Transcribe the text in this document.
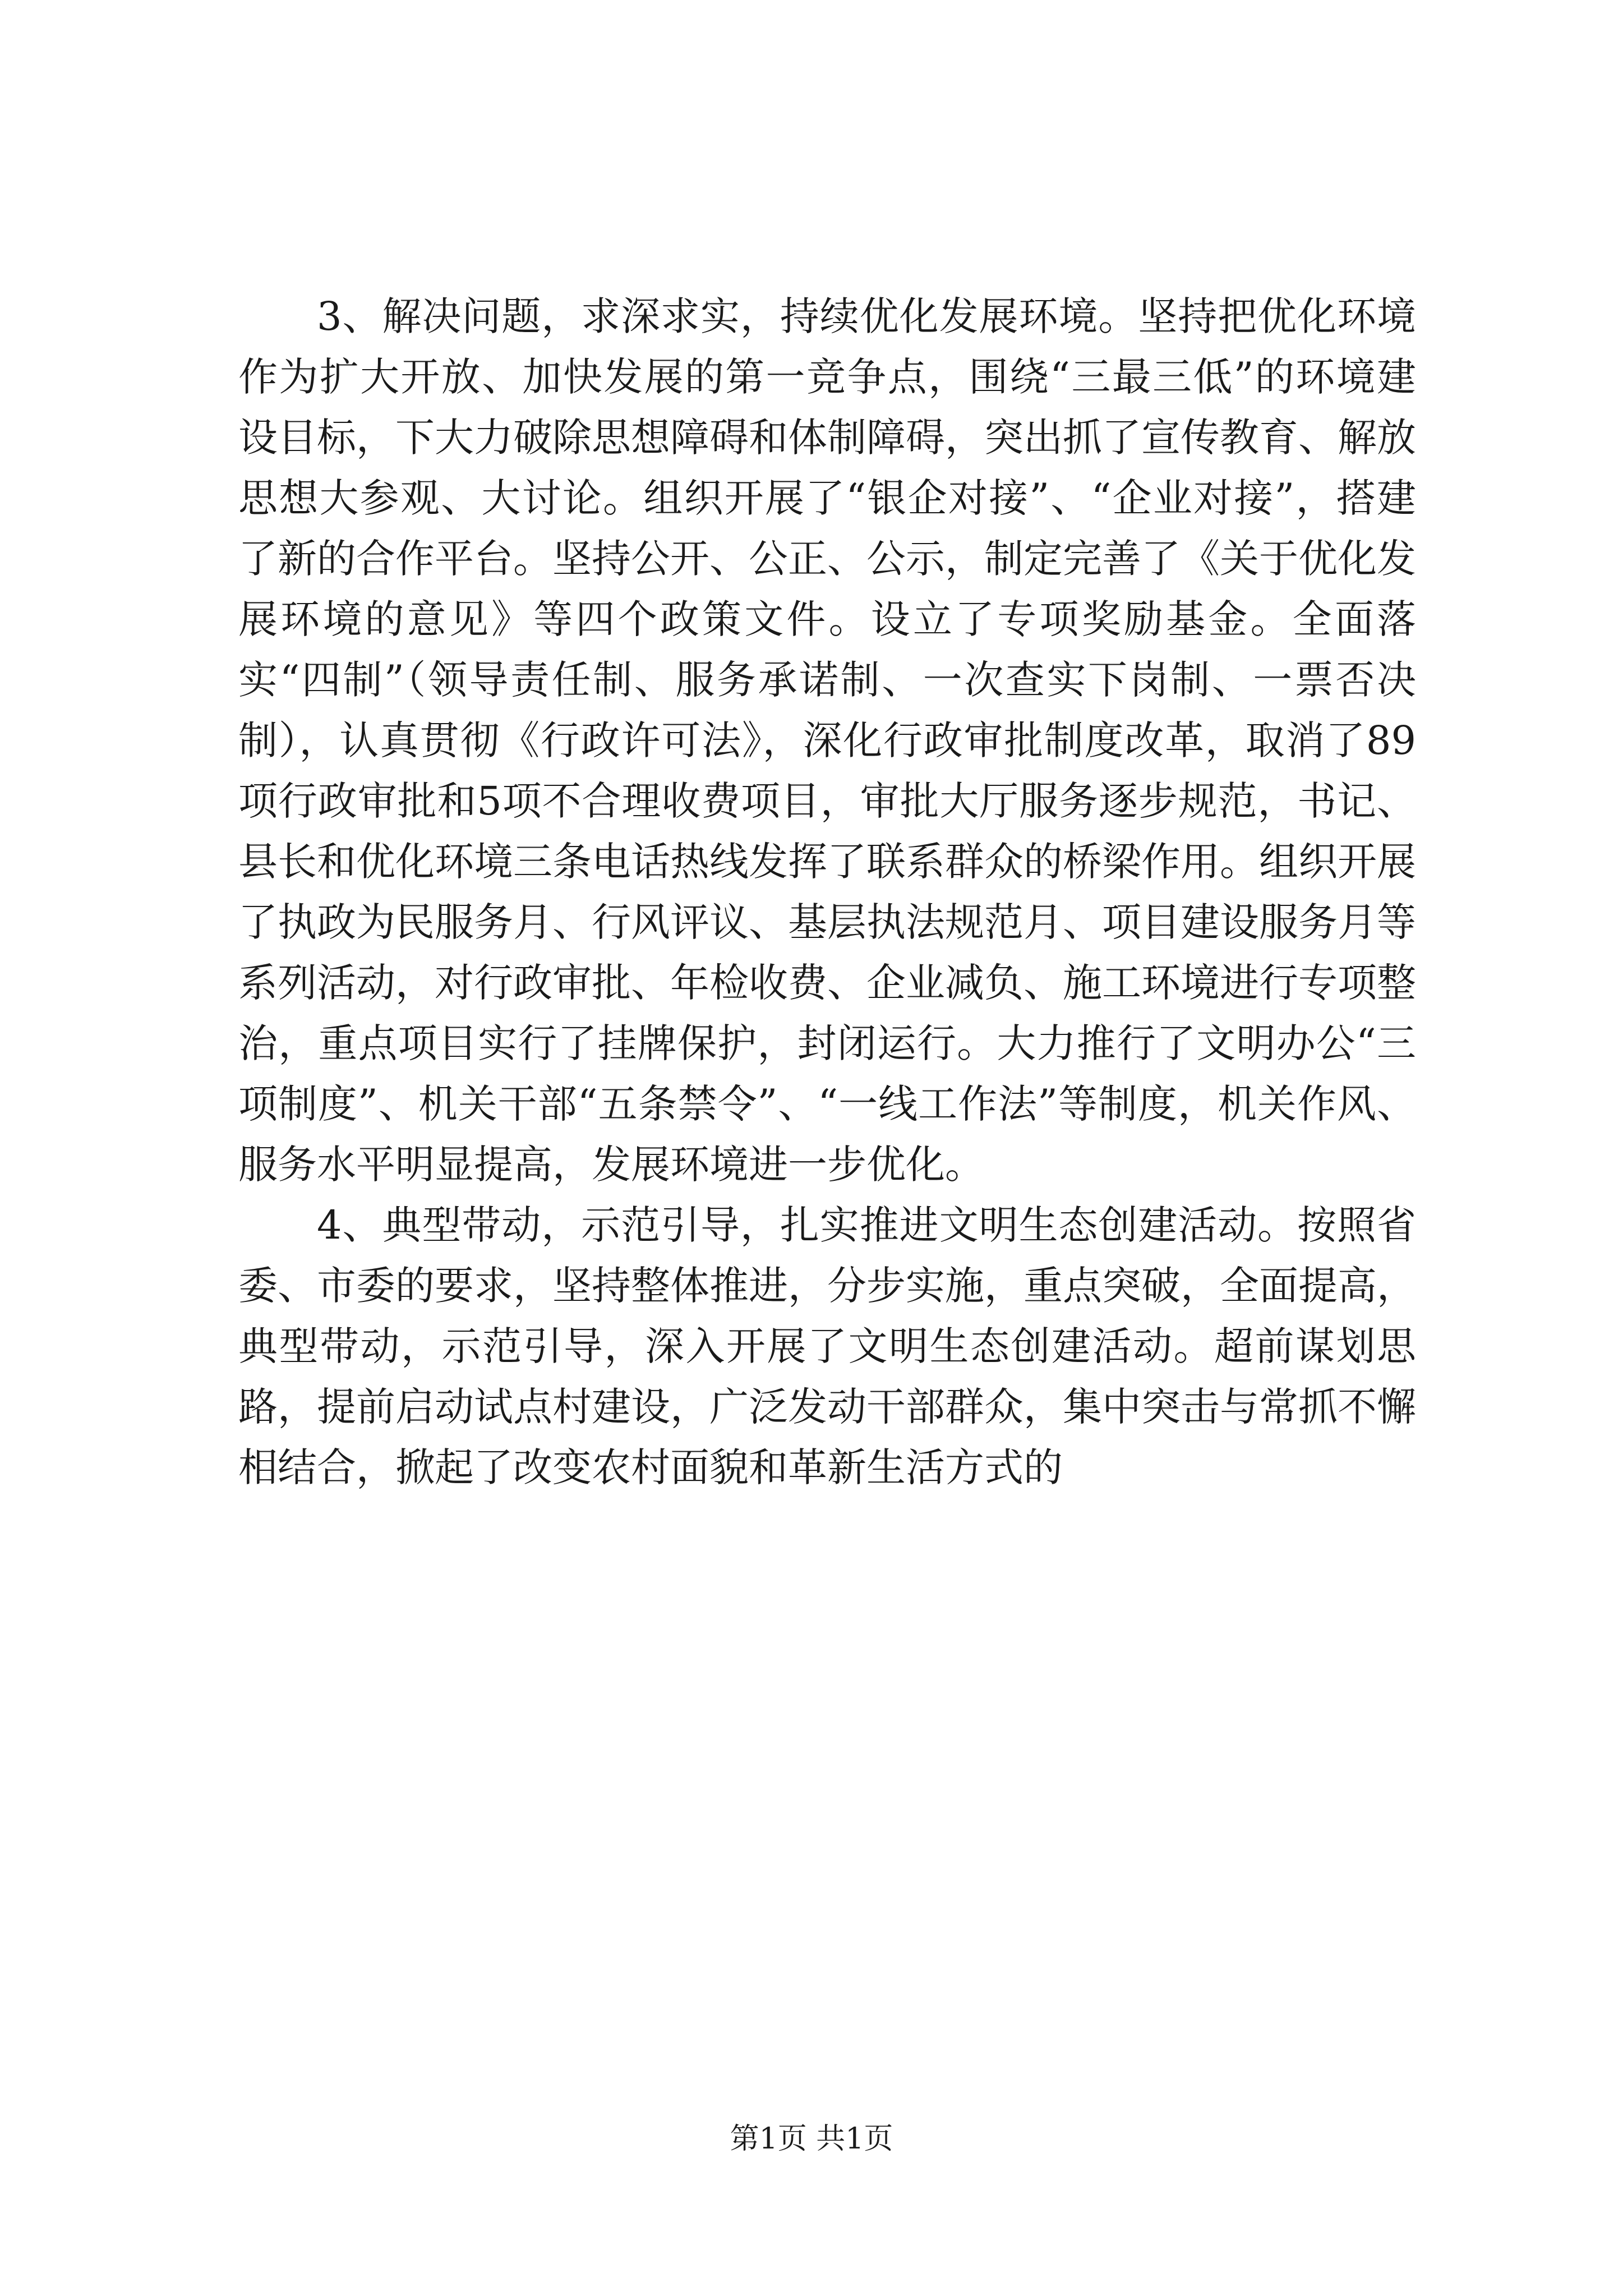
3、解决问题，求深求实，持续优化发展环境。坚持把优化环境作为扩大开放、加快发展的第一竞争点，围绕“三最三低”的环境建设目标，下大力破除思想障碍和体制障碍，突出抓了宣传教育、解放思想大参观、大讨论。组织开展了“银企对接”、“企业对接”，搭建了新的合作平台。坚持公开、公正、公示，制定完善了《关于优化发展环境的意见》等四个政策文件。设立了专项奖励基金。全面落实“四制”（领导责任制、服务承诺制、一次查实下岗制、一票否决制），认真贯彻《行政许可法》，深化行政审批制度改革，取消了89项行政审批和5项不合理收费项目，审批大厅服务逐步规范，书记、县长和优化环境三条电话热线发挥了联系群众的桥梁作用。组织开展了执政为民服务月、行风评议、基层执法规范月、项目建设服务月等系列活动，对行政审批、年检收费、企业减负、施工环境进行专项整治，重点项目实行了挂牌保护，封闭运行。大力推行了文明办公“三项制度”、机关干部“五条禁令”、“一线工作法”等制度，机关作风、服务水平明显提高，发展环境进一步优化。

4、典型带动，示范引导，扎实推进文明生态创建活动。按照省委、市委的要求，坚持整体推进，分步实施，重点突破，全面提高，典型带动，示范引导，深入开展了文明生态创建活动。超前谋划思路，提前启动试点村建设，广泛发动干部群众，集中突击与常抓不懈相结合，掀起了改变农村面貌和革新生活方式的

第1页 共1页
